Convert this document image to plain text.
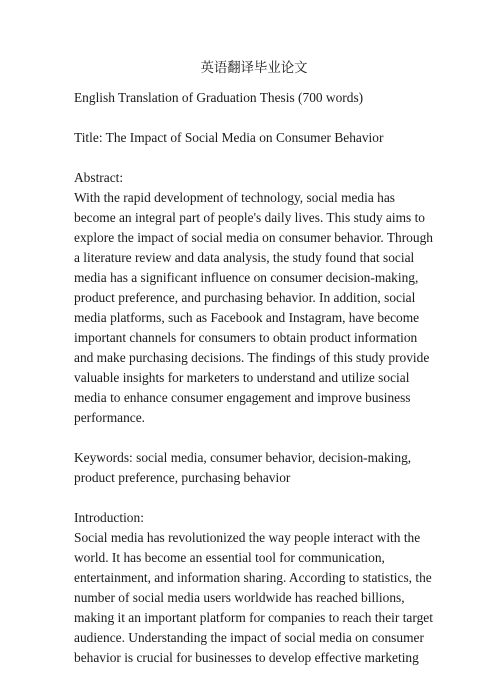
英语翻译毕业论文
English Translation of Graduation Thesis (700 words)
Title: The Impact of Social Media on Consumer Behavior
Abstract:
With the rapid development of technology, social media has
become an integral part of people's daily lives. This study aims to
explore the impact of social media on consumer behavior. Through
a literature review and data analysis, the study found that social
media has a significant influence on consumer decision-making,
product preference, and purchasing behavior. In addition, social
media platforms, such as Facebook and Instagram, have become
important channels for consumers to obtain product information
and make purchasing decisions. The findings of this study provide
valuable insights for marketers to understand and utilize social
media to enhance consumer engagement and improve business
performance.
Keywords: social media, consumer behavior, decision-making,
product preference, purchasing behavior
Introduction:
Social media has revolutionized the way people interact with the
world. It has become an essential tool for communication,
entertainment, and information sharing. According to statistics, the
number of social media users worldwide has reached billions,
making it an important platform for companies to reach their target
audience. Understanding the impact of social media on consumer
behavior is crucial for businesses to develop effective marketing
